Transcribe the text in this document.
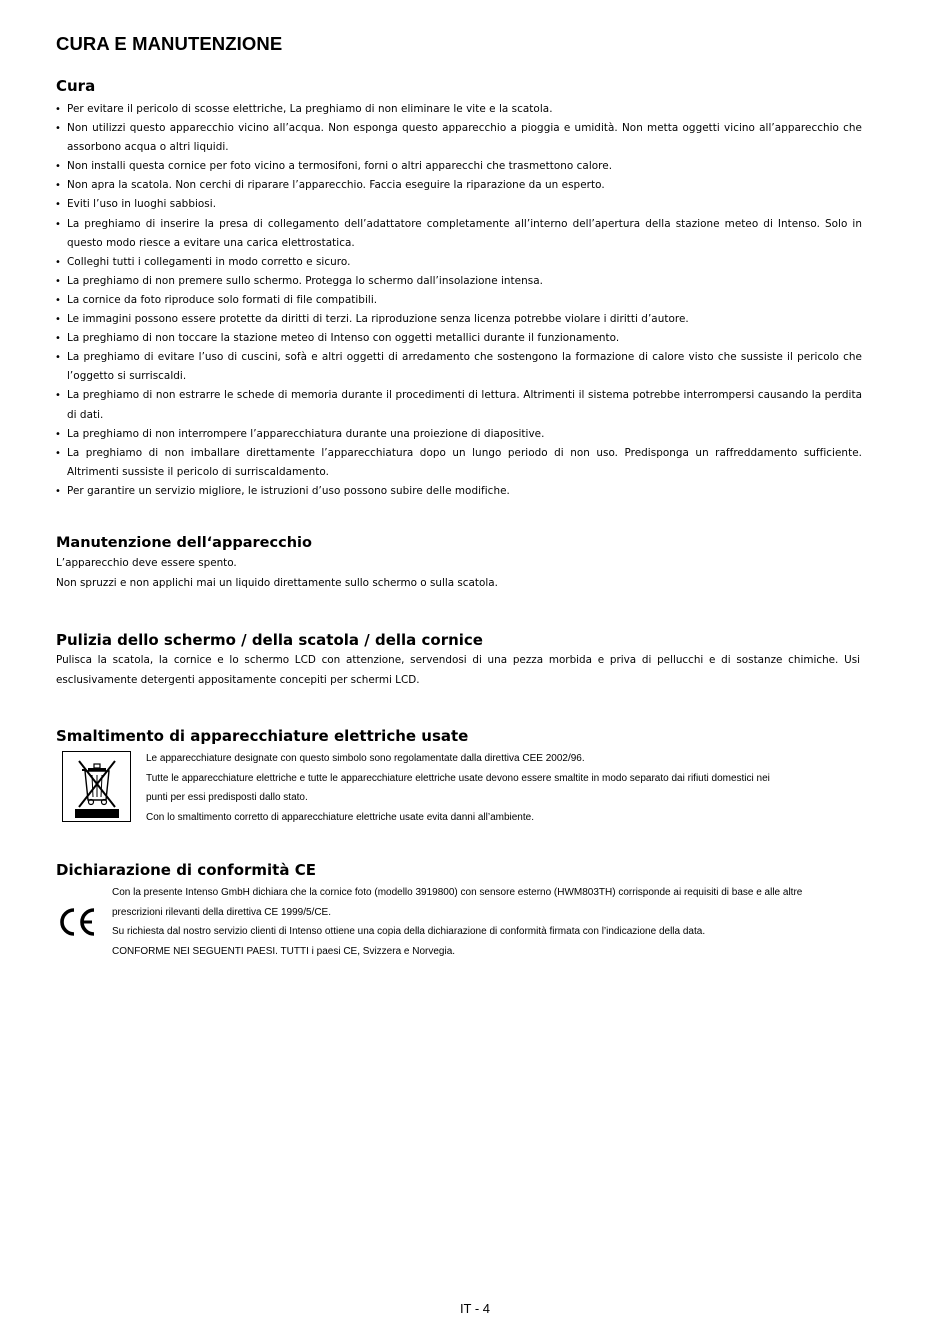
CURA E MANUTENZIONE
Cura
• Per evitare il pericolo di scosse elettriche, La preghiamo di non eliminare le vite e la scatola.
• Non utilizzi questo apparecchio vicino all’acqua. Non esponga questo apparecchio a pioggia e umidità. Non metta oggetti vicino all’apparecchio che assorbono acqua o altri liquidi.
• Non installi questa cornice per foto vicino a termosifoni, forni o altri apparecchi che trasmettono calore.
• Non apra la scatola. Non cerchi di riparare l’apparecchio. Faccia eseguire la riparazione da un esperto.
• Eviti l’uso in luoghi sabbiosi.
• La preghiamo di inserire la presa di collegamento dell’adattatore completamente all’interno dell’apertura della stazione meteo di Intenso. Solo in questo modo riesce a evitare una carica elettrostatica.
• Colleghi tutti i collegamenti in modo corretto e sicuro.
• La preghiamo di non premere sullo schermo. Protegga lo schermo dall’insolazione intensa.
• La cornice da foto riproduce solo formati di file compatibili.
• Le immagini possono essere protette da diritti di terzi. La riproduzione senza licenza potrebbe violare i diritti d’autore.
• La preghiamo di non toccare la stazione meteo di Intenso con oggetti metallici durante il funzionamento.
• La preghiamo di evitare l’uso di cuscini, sofà e altri oggetti di arredamento che sostengono la formazione di calore visto che sussiste il pericolo che l’oggetto si surriscaldi.
• La preghiamo di non estrarre le schede di memoria durante il procedimenti di lettura. Altrimenti il sistema potrebbe interrompersi causando la perdita di dati.
• La preghiamo di non interrompere l’apparecchiatura durante una proiezione di diapositive.
• La preghiamo di non imballare direttamente l’apparecchiatura dopo un lungo periodo di non uso. Predisponga un raffreddamento sufficiente. Altrimenti sussiste il pericolo di surriscaldamento.
• Per garantire un servizio migliore, le istruzioni d’uso possono subire delle modifiche.
Manutenzione dell‘apparecchio

L’apparecchio deve essere spento.

Non spruzzi e non applichi mai un liquido direttamente sullo schermo o sulla scatola.

Pulizia dello schermo / della scatola / della cornice

Pulisca la scatola, la cornice e lo schermo LCD con attenzione, servendosi di una pezza morbida e priva di pellucchi e di sostanze chimiche. Usi esclusivamente detergenti appositamente concepiti per schermi LCD.

Smaltimento di apparecchiature elettriche usate

Le apparecchiature designate con questo simbolo sono regolamentate dalla direttiva CEE 2002/96.

Tutte le apparecchiature elettriche e tutte le apparecchiature elettriche usate devono essere smaltite in modo separato dai rifiuti domestici nei

punti per essi predisposti dallo stato.

Con lo smaltimento corretto di apparecchiature elettriche usate evita danni all’ambiente.

Dichiarazione di conformità CE

Con la presente Intenso GmbH dichiara che la cornice foto (modello 3919800) con sensore esterno (HWM803TH) corrisponde ai requisiti di base e alle altre

prescrizioni rilevanti della direttiva CE 1999/5/CE.

Su richiesta dal nostro servizio clienti di Intenso ottiene una copia della dichiarazione di conformità firmata con l’indicazione della data.

CONFORME NEI SEGUENTI PAESI. TUTTI i paesi CE, Svizzera e Norvegia.

IT - 4
